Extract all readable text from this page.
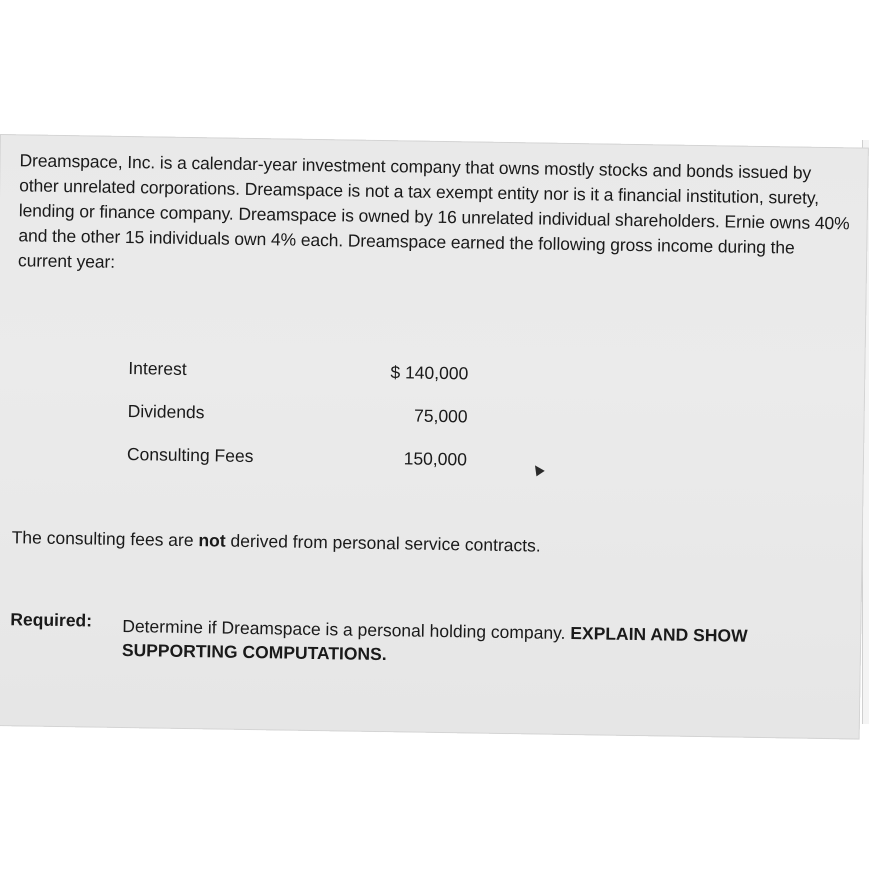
Dreamspace, Inc. is a calendar-year investment company that owns mostly stocks and bonds issued by other unrelated corporations. Dreamspace is not a tax exempt entity nor is it a financial institution, surety, lending or finance company. Dreamspace is owned by 16 unrelated individual shareholders. Ernie owns 40% and the other 15 individuals own 4% each. Dreamspace earned the following gross income during the current year:

Interest	$ 140,000
Dividends	75,000
Consulting Fees	150,000

The consulting fees are not derived from personal service contracts.

Required: Determine if Dreamspace is a personal holding company. EXPLAIN AND SHOW SUPPORTING COMPUTATIONS.
